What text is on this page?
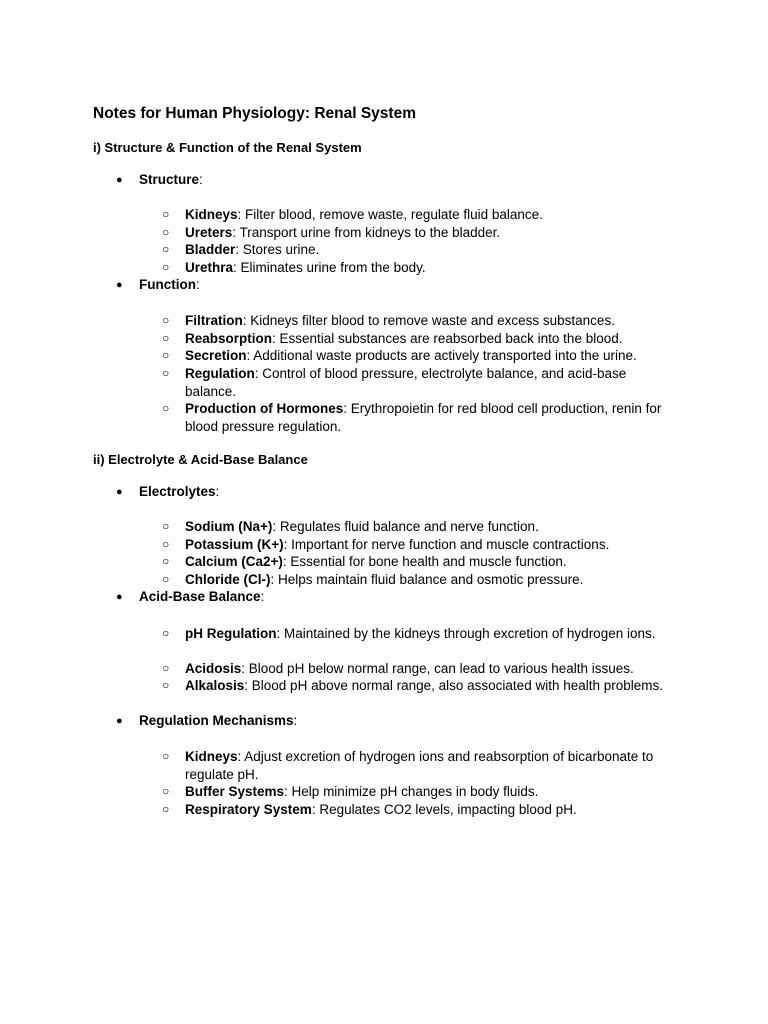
Notes for Human Physiology: Renal System
i) Structure & Function of the Renal System
●	Structure:
○ Kidneys: Filter blood, remove waste, regulate fluid balance.
○ Ureters: Transport urine from kidneys to the bladder.
○ Bladder: Stores urine.
○ Urethra: Eliminates urine from the body.
●	Function:
○ Filtration: Kidneys filter blood to remove waste and excess substances.
○ Reabsorption: Essential substances are reabsorbed back into the blood.
○ Secretion: Additional waste products are actively transported into the urine.
○ Regulation: Control of blood pressure, electrolyte balance, and acid-base balance.
○ Production of Hormones: Erythropoietin for red blood cell production, renin for blood pressure regulation.
ii) Electrolyte & Acid-Base Balance
●	Electrolytes:
○ Sodium (Na+): Regulates fluid balance and nerve function.
○ Potassium (K+): Important for nerve function and muscle contractions.
○ Calcium (Ca2+): Essential for bone health and muscle function.
○ Chloride (Cl-): Helps maintain fluid balance and osmotic pressure.
●	Acid-Base Balance:
○ pH Regulation: Maintained by the kidneys through excretion of hydrogen ions.
○ Acidosis: Blood pH below normal range, can lead to various health issues.
○ Alkalosis: Blood pH above normal range, also associated with health problems.
●	Regulation Mechanisms:
○ Kidneys: Adjust excretion of hydrogen ions and reabsorption of bicarbonate to regulate pH.
○ Buffer Systems: Help minimize pH changes in body fluids.
○ Respiratory System: Regulates CO2 levels, impacting blood pH.
